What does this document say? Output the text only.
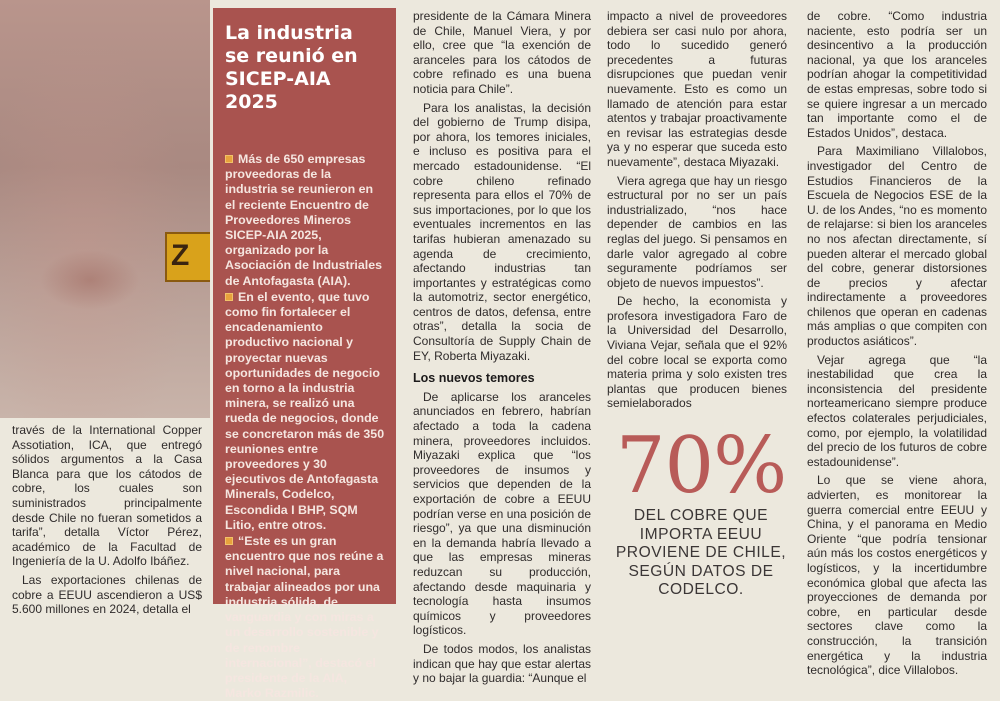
Z

través de la International Copper Assotiation, ICA, que entregó sólidos argumentos a la Casa Blanca para que los cátodos de cobre, los cuales son suministrados principalmente desde Chile no fueran sometidos a tarifa”, detalla Víctor Pérez, académico de la Facultad de Ingeniería de la U. Adolfo Ibáñez.

Las exportaciones chilenas de cobre a EEUU ascendieron a US$ 5.600 millones en 2024, detalla el

La industria
se reunió en
SICEP-AIA 2025
Más de 650 empresas proveedoras de la industria se reunieron en el reciente Encuentro de Proveedores Mineros SICEP-AIA 2025, organizado por la Asociación de Industriales de Antofagasta (AIA).
En el evento, que tuvo como fin fortalecer el encadenamiento productivo nacional y proyectar nuevas oportunidades de negocio en torno a la industria minera, se realizó una rueda de negocios, donde se concretaron más de 350 reuniones entre proveedores y 30 ejecutivos de Antofagasta Minerals, Codelco, Escondida I BHP, SQM Litio, entre otros.
“Este es un gran encuentro que nos reúne a nivel nacional, para trabajar alineados por una industria sólida, de vanguardia y con miras a un desarrollo sostenible y de renombre internacional”, destacó el presidente de la AIA, Marko Razmilic.

presidente de la Cámara Minera de Chile, Manuel Viera, y por ello, cree que “la exención de aranceles para los cátodos de cobre refinado es una buena noticia para Chile”.

Para los analistas, la decisión del gobierno de Trump disipa, por ahora, los temores iniciales, e incluso es positiva para el mercado estadounidense. “El cobre chileno refinado representa para ellos el 70% de sus importaciones, por lo que los eventuales incrementos en las tarifas hubieran amenazado su agenda de crecimiento, afectando industrias tan importantes y estratégicas como la automotriz, sector energético, centros de datos, defensa, entre otras”, detalla la socia de Consultoría de Supply Chain de EY, Roberta Miyazaki.

Los nuevos temores

De aplicarse los aranceles anunciados en febrero, habrían afectado a toda la cadena minera, proveedores incluidos. Miyazaki explica que “los proveedores de insumos y servicios que dependen de la exportación de cobre a EEUU podrían verse en una posición de riesgo”, ya que una disminución en la demanda habría llevado a que las empresas mineras reduzcan su producción, afectando desde maquinaria y tecnología hasta insumos químicos y proveedores logísticos.

De todos modos, los analistas indican que hay que estar alertas y no bajar la guardia: “Aunque el

impacto a nivel de proveedores debiera ser casi nulo por ahora, todo lo sucedido generó precedentes a futuras disrupciones que puedan venir nuevamente. Esto es como un llamado de atención para estar atentos y trabajar proactivamente en revisar las estrategias desde ya y no esperar que suceda esto nuevamente”, destaca Miyazaki.

Viera agrega que hay un riesgo estructural por no ser un país industrializado, “nos hace depender de cambios en las reglas del juego. Si pensamos en darle valor agregado al cobre seguramente podríamos ser objeto de nuevos impuestos”.

De hecho, la economista y profesora investigadora Faro de la Universidad del Desarrollo, Viviana Vejar, señala que el 92% del cobre local se exporta como materia prima y solo existen tres plantas que producen bienes semielaborados

70%
DEL COBRE QUE
IMPORTA EEUU
PROVIENE DE CHILE,
SEGÚN DATOS DE
CODELCO.

de cobre. “Como industria naciente, esto podría ser un desincentivo a la producción nacional, ya que los aranceles podrían ahogar la competitividad de estas empresas, sobre todo si se quiere ingresar a un mercado tan importante como el de Estados Unidos”, destaca.

Para Maximiliano Villalobos, investigador del Centro de Estudios Financieros de la Escuela de Negocios ESE de la U. de los Andes, “no es momento de relajarse: si bien los aranceles no nos afectan directamente, sí pueden alterar el mercado global del cobre, generar distorsiones de precios y afectar indirectamente a proveedores chilenos que operan en cadenas más amplias o que compiten con productos asiáticos”.

Vejar agrega que “la inestabilidad que crea la inconsistencia del presidente norteamericano siempre produce efectos colaterales perjudiciales, como, por ejemplo, la volatilidad del precio de los futuros de cobre estadounidense”.

Lo que se viene ahora, advierten, es monitorear la guerra comercial entre EEUU y China, y el panorama en Medio Oriente “que podría tensionar aún más los costos energéticos y logísticos, y la incertidumbre económica global que afecta las proyecciones de demanda por cobre, en particular desde sectores clave como la construcción, la transición energética y la industria tecnológica”, dice Villalobos.
